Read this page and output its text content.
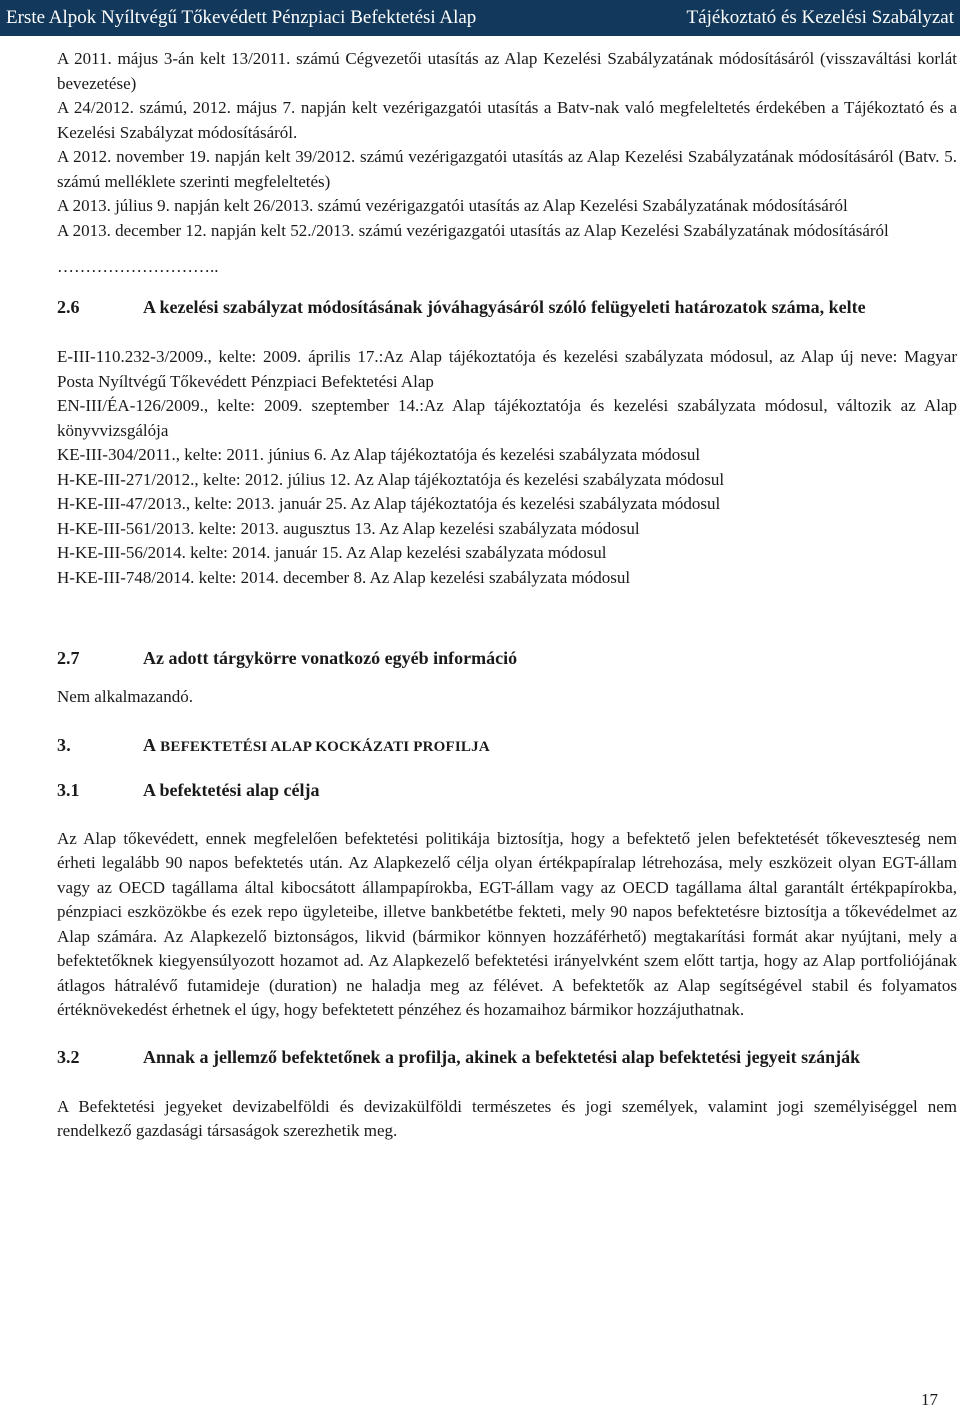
Erste Alpok Nyíltvégű Tőkevédett Pénzpiaci Befektetési Alap	Tájékoztató és Kezelési Szabályzat

A 2011. május 3-án kelt 13/2011. számú Cégvezetői utasítás az Alap Kezelési Szabályzatának módosításáról (visszaváltási korlát bevezetése)

A 24/2012. számú, 2012. május 7. napján kelt vezérigazgatói utasítás a Batv-nak való megfeleltetés érdekében a Tájékoztató és a Kezelési Szabályzat módosításáról.

A 2012. november 19. napján kelt 39/2012. számú vezérigazgatói utasítás az Alap Kezelési Szabályzatának módosításáról (Batv. 5. számú melléklete szerinti megfeleltetés)

A 2013. július 9. napján kelt 26/2013. számú vezérigazgatói utasítás az Alap Kezelési Szabályzatának módosításáról

A 2013. december 12. napján kelt 52./2013. számú vezérigazgatói utasítás az Alap Kezelési Szabályzatának módosításáról

………………………..

2.6	A kezelési szabályzat módosításának jóváhagyásáról szóló felügyeleti határozatok száma, kelte

E-III-110.232-3/2009., kelte: 2009. április 17.:Az Alap tájékoztatója és kezelési szabályzata módosul, az Alap új neve: Magyar Posta Nyíltvégű Tőkevédett Pénzpiaci Befektetési Alap

EN-III/ÉA-126/2009., kelte: 2009. szeptember 14.:Az Alap tájékoztatója és kezelési szabályzata módosul, változik az Alap könyvvizsgálója

KE-III-304/2011., kelte: 2011. június 6. Az Alap tájékoztatója és kezelési szabályzata módosul

H-KE-III-271/2012., kelte: 2012. július 12. Az Alap tájékoztatója és kezelési szabályzata módosul

H-KE-III-47/2013., kelte: 2013. január 25. Az Alap tájékoztatója és kezelési szabályzata módosul

H-KE-III-561/2013. kelte: 2013. augusztus 13. Az Alap kezelési szabályzata módosul

H-KE-III-56/2014. kelte: 2014. január 15. Az Alap kezelési szabályzata módosul

H-KE-III-748/2014. kelte: 2014. december 8. Az Alap kezelési szabályzata módosul

2.7	Az adott tárgykörre vonatkozó egyéb információ

Nem alkalmazandó.

3.	A BEFEKTETÉSI ALAP KOCKÁZATI PROFILJA

3.1	A befektetési alap célja

Az Alap tőkevédett, ennek megfelelően befektetési politikája biztosítja, hogy a befektető jelen befektetését tőkeveszteség nem érheti legalább 90 napos befektetés után. Az Alapkezelő célja olyan értékpapíralap létrehozása, mely eszközeit olyan EGT-állam vagy az OECD tagállama által kibocsátott állampapírokba, EGT-állam vagy az OECD tagállama által garantált értékpapírokba, pénzpiaci eszközökbe és ezek repo ügyleteibe, illetve bankbetétbe fekteti, mely 90 napos befektetésre biztosítja a tőkevédelmet az Alap számára. Az Alapkezelő biztonságos, likvid (bármikor könnyen hozzáférhető) megtakarítási formát akar nyújtani, mely a befektetőknek kiegyensúlyozott hozamot ad. Az Alapkezelő befektetési irányelvként szem előtt tartja, hogy az Alap portfoliójának átlagos hátralévő futamideje (duration) ne haladja meg az félévet. A befektetők az Alap segítségével stabil és folyamatos értéknövekedést érhetnek el úgy, hogy befektetett pénzéhez és hozamaihoz bármikor hozzájuthatnak.

3.2	Annak a jellemző befektetőnek a profilja, akinek a befektetési alap befektetési jegyeit szánják

A Befektetési jegyeket devizabelföldi és devizakülföldi természetes és jogi személyek, valamint jogi személyiséggel nem rendelkező gazdasági társaságok szerezhetik meg.

17
